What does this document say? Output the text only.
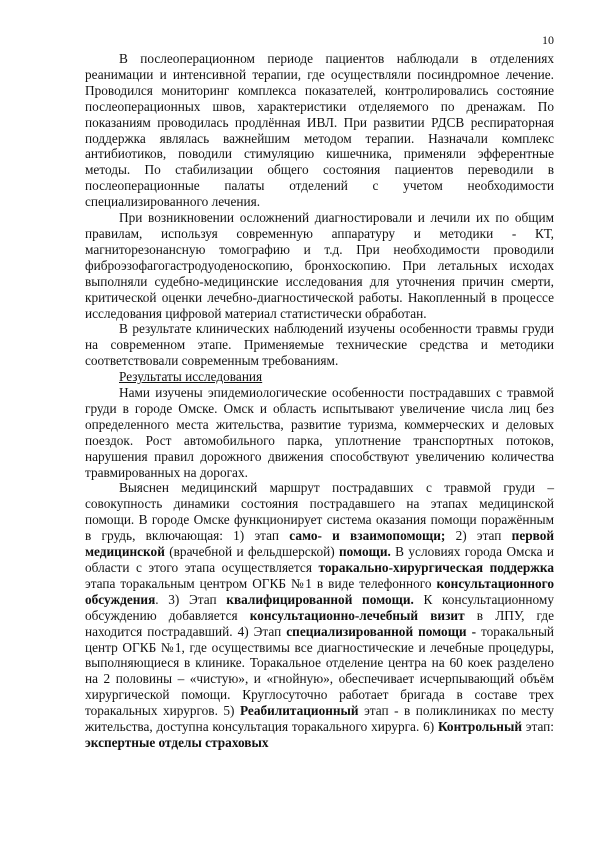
10

В послеоперационном периоде пациентов наблюдали в отделениях реанимации и интенсивной терапии, где осуществляли посиндромное лечение. Проводился мониторинг комплекса показателей, контролировались состояние послеоперационных швов, характеристики отделяемого по дренажам. По показаниям проводилась продлённая ИВЛ. При развитии РДСВ респираторная поддержка являлась важнейшим методом терапии. Назначали комплекс антибиотиков, поводили стимуляцию кишечника, применяли эфферентные методы. По стабилизации общего состояния пациентов переводили в послеоперационные палаты отделений с учетом необходимости специализированного лечения.

При возникновении осложнений диагностировали и лечили их по общим правилам, используя современную аппаратуру и методики - КТ, магниторезонансную томографию и т.д. При необходимости проводили фиброэзофагогастродуоденоскопию, бронхоскопию. При летальных исходах выполняли судебно-медицинские исследования для уточнения причин смерти, критической оценки лечебно-диагностической работы. Накопленный в процессе исследования цифровой материал статистически обработан.

В результате клинических наблюдений изучены особенности травмы груди на современном этапе. Применяемые технические средства и методики соответствовали современным требованиям.

Результаты исследования

Нами изучены эпидемиологические особенности пострадавших с травмой груди в городе Омске. Омск и область испытывают увеличение числа лиц без определенного места жительства, развитие туризма, коммерческих и деловых поездок. Рост автомобильного парка, уплотнение транспортных потоков, нарушения правил дорожного движения способствуют увеличению количества травмированных на дорогах.

Выяснен медицинский маршрут пострадавших с травмой груди – совокупность динамики состояния пострадавшего на этапах медицинской помощи. В городе Омске функционирует система оказания помощи поражённым в грудь, включающая: 1) этап само- и взаимопомощи; 2) этап первой медицинской (врачебной и фельдшерской) помощи. В условиях города Омска и области с этого этапа осуществляется торакально-хирургическая поддержка этапа торакальным центром ОГКБ №1 в виде телефонного консультационного обсуждения. 3) Этап квалифицированной помощи. К консультационному обсуждению добавляется консультационно-лечебный визит в ЛПУ, где находится пострадавший. 4) Этап специализированной помощи - торакальный центр ОГКБ №1, где осуществимы все диагностические и лечебные процедуры, выполняющиеся в клинике. Торакальное отделение центра на 60 коек разделено на 2 половины – «чистую», и «гнойную», обеспечивает исчерпывающий объём хирургической помощи. Круглосуточно работает бригада в составе трех торакальных хирургов. 5) Реабилитационный этап - в поликлиниках по месту жительства, доступна консультация торакального хирурга. 6) Контрольный этап: экспертные отделы страховых
